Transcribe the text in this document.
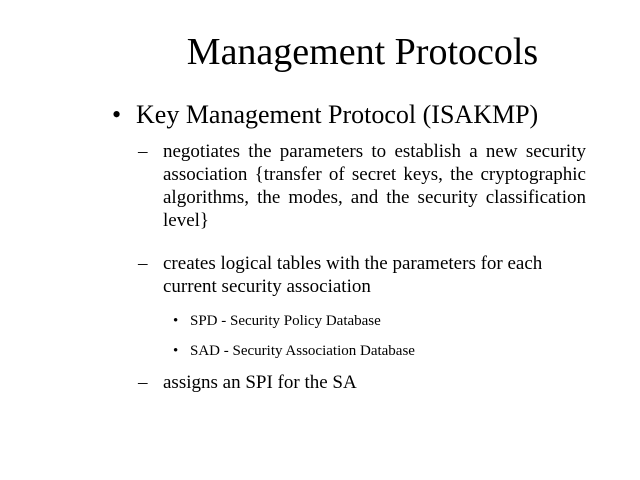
Management Protocols
• Key Management Protocol (ISAKMP)
– negotiates the parameters to establish a new security association {transfer of secret keys, the cryptographic algorithms, the modes, and the security classification level}
– creates logical tables with the parameters for each current security association
• SPD - Security Policy Database
• SAD - Security Association Database
– assigns an SPI for the SA
